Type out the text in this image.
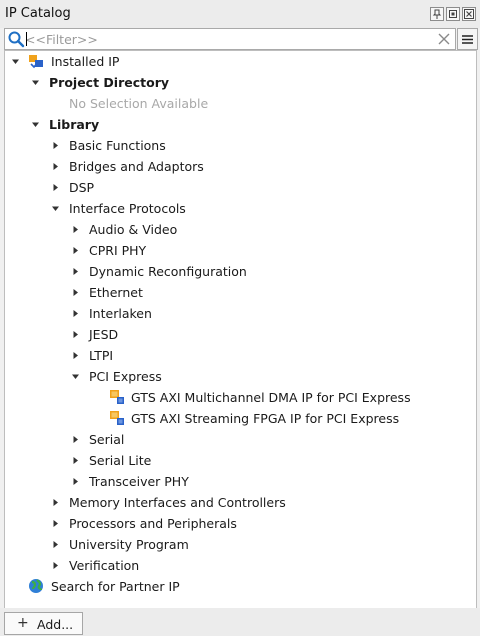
IP Catalog
<<Filter>>
Installed IP
Project Directory
No Selection Available
Library
Basic Functions
Bridges and Adaptors
DSP
Interface Protocols
Audio & Video
CPRI PHY
Dynamic Reconfiguration
Ethernet
Interlaken
JESD
LTPI
PCI Express
GTS AXI Multichannel DMA IP for PCI Express
GTS AXI Streaming FPGA IP for PCI Express
Serial
Serial Lite
Transceiver PHY
Memory Interfaces and Controllers
Processors and Peripherals
University Program
Verification
Search for Partner IP
+ Add...
